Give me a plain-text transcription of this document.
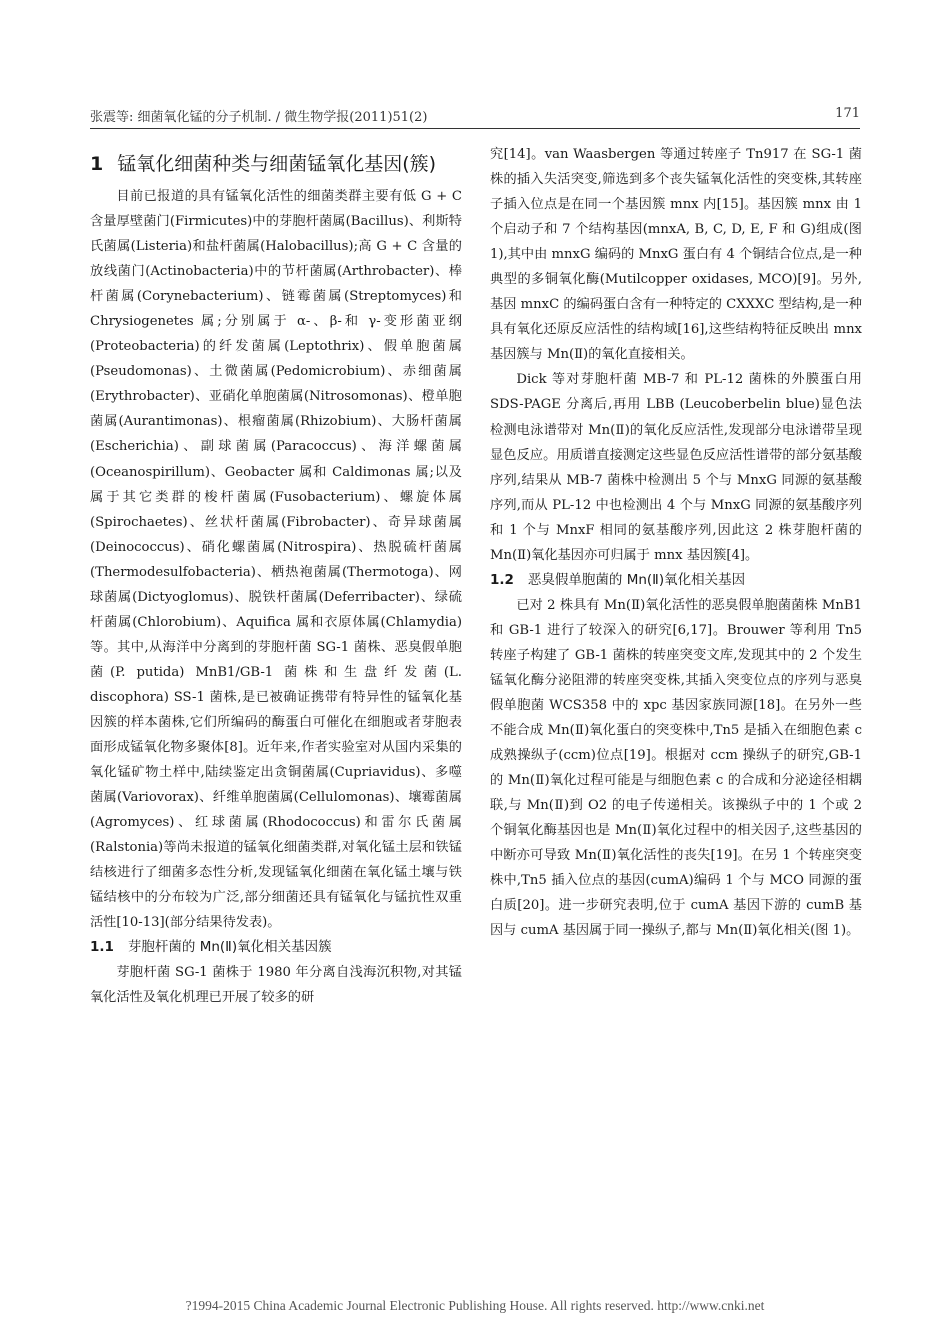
张震等: 细菌氧化锰的分子机制. / 微生物学报(2011)51(2)	171
1 锰氧化细菌种类与细菌锰氧化基因(簇)

目前已报道的具有锰氧化活性的细菌类群主要有低 G + C 含量厚壁菌门(Firmicutes)中的芽胞杆菌属(Bacillus)、利斯特氏菌属(Listeria)和盐杆菌属(Halobacillus);高 G + C 含量的放线菌门(Actinobacteria)中的节杆菌属(Arthrobacter)、棒杆菌属(Corynebacterium)、链霉菌属(Streptomyces)和 Chrysiogenetes 属;分别属于 α-、β-和 γ-变形菌亚纲(Proteobacteria)的纤发菌属(Leptothrix)、假单胞菌属(Pseudomonas)、土微菌属(Pedomicrobium)、赤细菌属(Erythrobacter)、亚硝化单胞菌属(Nitrosomonas)、橙单胞菌属(Aurantimonas)、根瘤菌属(Rhizobium)、大肠杆菌属(Escherichia)、副球菌属(Paracoccus)、海洋螺菌属(Oceanospirillum)、Geobacter 属和 Caldimonas 属;以及属于其它类群的梭杆菌属(Fusobacterium)、螺旋体属(Spirochaetes)、丝状杆菌属(Fibrobacter)、奇异球菌属(Deinococcus)、硝化螺菌属(Nitrospira)、热脱硫杆菌属(Thermodesulfobacteria)、栖热袍菌属(Thermotoga)、网球菌属(Dictyoglomus)、脱铁杆菌属(Deferribacter)、绿硫杆菌属(Chlorobium)、Aquifica 属和衣原体属(Chlamydia)等。其中,从海洋中分离到的芽胞杆菌 SG-1 菌株、恶臭假单胞菌(P. putida) MnB1/GB-1 菌株和生盘纤发菌(L. discophora) SS-1 菌株,是已被确证携带有特异性的锰氧化基因簇的样本菌株,它们所编码的酶蛋白可催化在细胞或者芽胞表面形成锰氧化物多聚体[8]。近年来,作者实验室对从国内采集的氧化锰矿物土样中,陆续鉴定出贪铜菌属(Cupriavidus)、多噬菌属(Variovorax)、纤维单胞菌属(Cellulomonas)、壤霉菌属(Agromyces)、红球菌属(Rhodococcus)和雷尔氏菌属(Ralstonia)等尚未报道的锰氧化细菌类群,对氧化锰土层和铁锰结核进行了细菌多态性分析,发现锰氧化细菌在氧化锰土壤与铁锰结核中的分布较为广泛,部分细菌还具有锰氧化与锰抗性双重活性[10-13](部分结果待发表)。

1.1 芽胞杆菌的 Mn(Ⅱ)氧化相关基因簇

芽胞杆菌 SG-1 菌株于 1980 年分离自浅海沉积物,对其锰氧化活性及氧化机理已开展了较多的研

究[14]。van Waasbergen 等通过转座子 Tn917 在 SG-1 菌株的插入失活突变,筛选到多个丧失锰氧化活性的突变株,其转座子插入位点是在同一个基因簇 mnx 内[15]。基因簇 mnx 由 1 个启动子和 7 个结构基因(mnxA, B, C, D, E, F 和 G)组成(图 1),其中由 mnxG 编码的 MnxG 蛋白有 4 个铜结合位点,是一种典型的多铜氧化酶(Mutilcopper oxidases, MCO)[9]。另外,基因 mnxC 的编码蛋白含有一种特定的 CXXXC 型结构,是一种具有氧化还原反应活性的结构域[16],这些结构特征反映出 mnx 基因簇与 Mn(Ⅱ)的氧化直接相关。

Dick 等对芽胞杆菌 MB-7 和 PL-12 菌株的外膜蛋白用 SDS-PAGE 分离后,再用 LBB (Leucoberbelin blue)显色法检测电泳谱带对 Mn(Ⅱ)的氧化反应活性,发现部分电泳谱带呈现显色反应。用质谱直接测定这些显色反应活性谱带的部分氨基酸序列,结果从 MB-7 菌株中检测出 5 个与 MnxG 同源的氨基酸序列,而从 PL-12 中也检测出 4 个与 MnxG 同源的氨基酸序列和 1 个与 MnxF 相同的氨基酸序列,因此这 2 株芽胞杆菌的 Mn(Ⅱ)氧化基因亦可归属于 mnx 基因簇[4]。

1.2 恶臭假单胞菌的 Mn(Ⅱ)氧化相关基因

已对 2 株具有 Mn(Ⅱ)氧化活性的恶臭假单胞菌菌株 MnB1 和 GB-1 进行了较深入的研究[6,17]。Brouwer 等利用 Tn5 转座子构建了 GB-1 菌株的转座突变文库,发现其中的 2 个发生锰氧化酶分泌阻滞的转座突变株,其插入突变位点的序列与恶臭假单胞菌 WCS358 中的 xpc 基因家族同源[18]。在另外一些不能合成 Mn(Ⅱ)氧化蛋白的突变株中,Tn5 是插入在细胞色素 c 成熟操纵子(ccm)位点[19]。根据对 ccm 操纵子的研究,GB-1 的 Mn(Ⅱ)氧化过程可能是与细胞色素 c 的合成和分泌途径相耦联,与 Mn(Ⅱ)到 O2 的电子传递相关。该操纵子中的 1 个或 2 个铜氧化酶基因也是 Mn(Ⅱ)氧化过程中的相关因子,这些基因的中断亦可导致 Mn(Ⅱ)氧化活性的丧失[19]。在另 1 个转座突变株中,Tn5 插入位点的基因(cumA)编码 1 个与 MCO 同源的蛋白质[20]。进一步研究表明,位于 cumA 基因下游的 cumB 基因与 cumA 基因属于同一操纵子,都与 Mn(Ⅱ)氧化相关(图 1)。

?1994-2015 China Academic Journal Electronic Publishing House. All rights reserved. http://www.cnki.net
